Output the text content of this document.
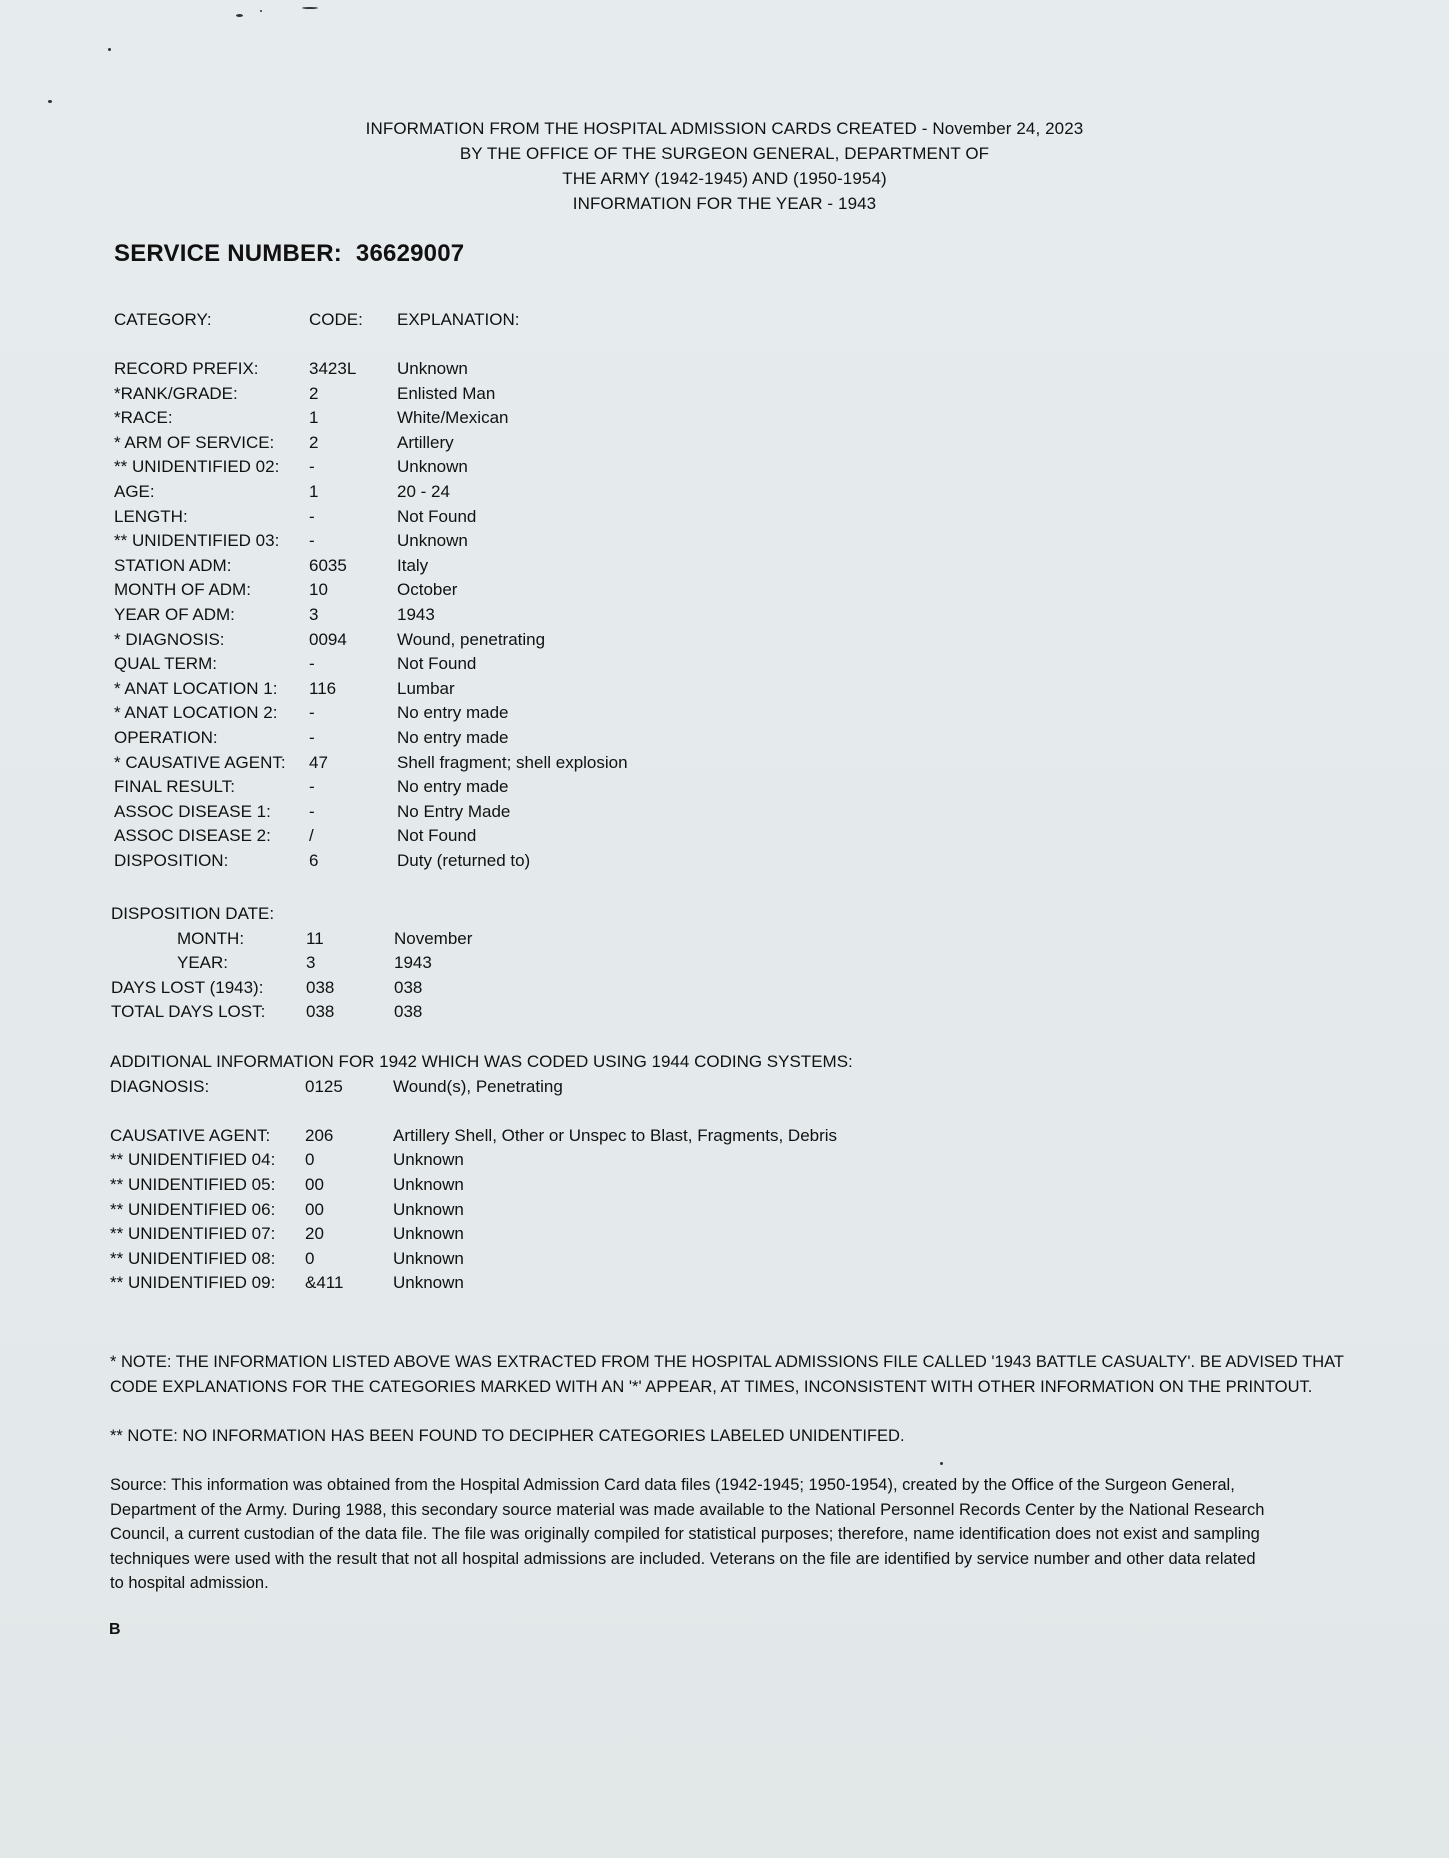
INFORMATION FROM THE HOSPITAL ADMISSION CARDS CREATED - November 24, 2023
BY THE OFFICE OF THE SURGEON GENERAL, DEPARTMENT OF
THE ARMY (1942-1945) AND (1950-1954)
INFORMATION FOR THE YEAR - 1943
SERVICE NUMBER: 36629007
CATEGORY:	CODE: EXPLANATION:
RECORD PREFIX:	3423L Unknown
*RANK/GRADE:	2	Enlisted Man
*RACE:	1	White/Mexican
* ARM OF SERVICE: 2	Artillery
** UNIDENTIFIED 02: -	Unknown
AGE:	1	20 - 24
LENGTH:	-	Not Found
** UNIDENTIFIED 03: -	Unknown
STATION ADM:	6035	Italy
MONTH OF ADM:	10	October
YEAR OF ADM:	3	1943
* DIAGNOSIS:	0094	Wound, penetrating
QUAL TERM:	-	Not Found
* ANAT LOCATION 1: 116	Lumbar
* ANAT LOCATION 2: -	No entry made
OPERATION:	-	No entry made
* CAUSATIVE AGENT: 47	Shell fragment; shell explosion
FINAL RESULT:	-	No entry made
ASSOC DISEASE 1: -	No Entry Made
ASSOC DISEASE 2: /	Not Found
DISPOSITION:	6	Duty (returned to)
DISPOSITION DATE:
MONTH:	11	November
YEAR:	3	1943
DAYS LOST (1943):	038	038
TOTAL DAYS LOST: 038	038
ADDITIONAL INFORMATION FOR 1942 WHICH WAS CODED USING 1944 CODING SYSTEMS:
DIAGNOSIS:	0125	Wound(s), Penetrating
CAUSATIVE AGENT: 206	Artillery Shell, Other or Unspec to Blast, Fragments, Debris
** UNIDENTIFIED 04: 0	Unknown
** UNIDENTIFIED 05: 00	Unknown
** UNIDENTIFIED 06: 00	Unknown
** UNIDENTIFIED 07: 20	Unknown
** UNIDENTIFIED 08: 0	Unknown
** UNIDENTIFIED 09: &411	Unknown
* NOTE: THE INFORMATION LISTED ABOVE WAS EXTRACTED FROM THE HOSPITAL ADMISSIONS FILE CALLED '1943 BATTLE CASUALTY'. BE ADVISED THAT
CODE EXPLANATIONS FOR THE CATEGORIES MARKED WITH AN '*' APPEAR, AT TIMES, INCONSISTENT WITH OTHER INFORMATION ON THE PRINTOUT.
** NOTE: NO INFORMATION HAS BEEN FOUND TO DECIPHER CATEGORIES LABELED UNIDENTIFED.
Source: This information was obtained from the Hospital Admission Card data files (1942-1945; 1950-1954), created by the Office of the Surgeon General,
Department of the Army. During 1988, this secondary source material was made available to the National Personnel Records Center by the National Research
Council, a current custodian of the data file. The file was originally compiled for statistical purposes; therefore, name identification does not exist and sampling
techniques were used with the result that not all hospital admissions are included. Veterans on the file are identified by service number and other data related
to hospital admission.
B
